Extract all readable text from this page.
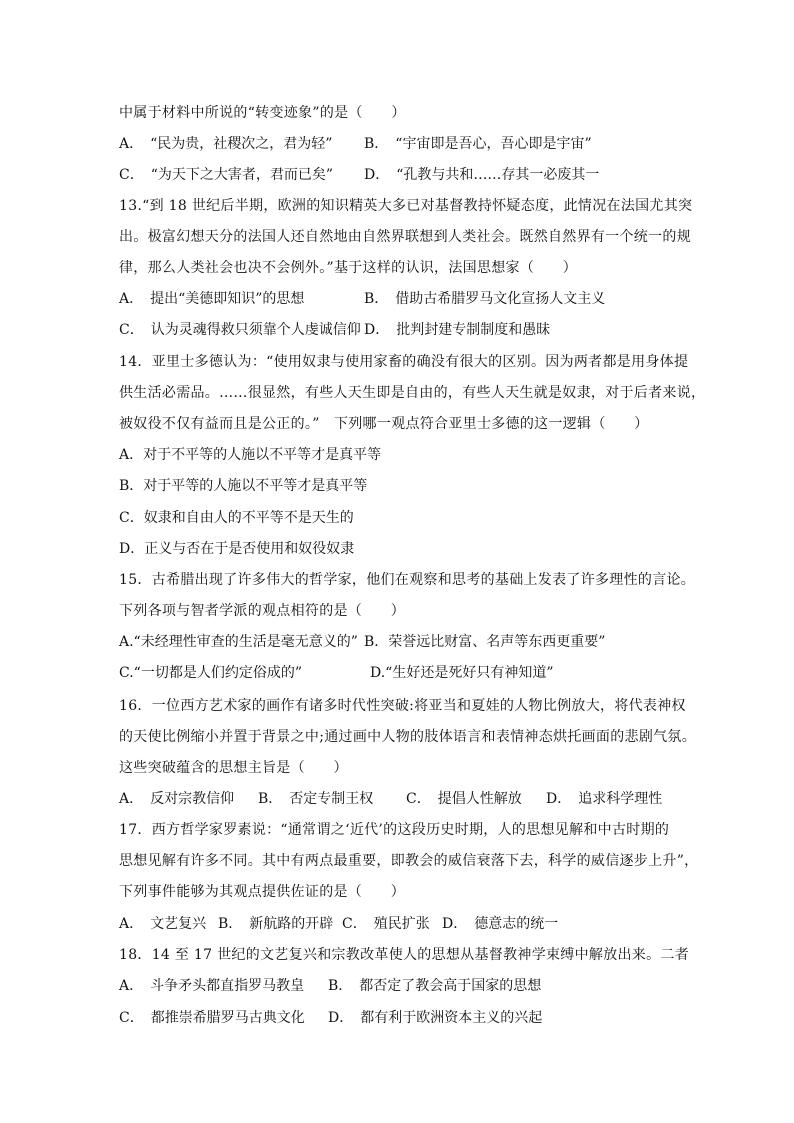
中属于材料中所说的“转变迹象”的是（　　）
A．　“民为贵，社稷次之，君为轻” B．　“宇宙即是吾心，吾心即是宇宙”
C．　“为天下之大害者，君而已矣” D．　“孔教与共和……存其一必废其一
13.“到 18 世纪后半期，欧洲的知识精英大多已对基督教持怀疑态度，此情况在法国尤其突
出。极富幻想天分的法国人还自然地由自然界联想到人类社会。既然自然界有一个统一的规
律，那么人类社会也决不会例外。”基于这样的认识，法国思想家（　　）
A．　提出“美德即知识”的思想	B．　借助古希腊罗马文化宣扬人文主义
C．　认为灵魂得救只须靠个人虔诚信仰 D．　批判封建专制制度和愚昧
14．亚里士多德认为：“使用奴隶与使用家畜的确没有很大的区别。因为两者都是用身体提
供生活必需品。……很显然，有些人天生即是自由的，有些人天生就是奴隶，对于后者来说，
被奴役不仅有益而且是公正的。”　下列哪一观点符合亚里士多德的这一逻辑（　　）
A．对于不平等的人施以不平等才是真平等
B．对于平等的人施以不平等才是真平等
C．奴隶和自由人的不平等不是天生的
D．正义与否在于是否使用和奴役奴隶
15．古希腊出现了许多伟大的哲学家，他们在观察和思考的基础上发表了许多理性的言论。
下列各项与智者学派的观点相符的是（　　）
A.“未经理性审查的生活是毫无意义的” B．荣誉远比财富、名声等东西更重要”
C.“一切都是人们约定俗成的”	D.“生好还是死好只有神知道”
16．一位西方艺术家的画作有诸多时代性突破:将亚当和夏娃的人物比例放大，将代表神权
的天使比例缩小并置于背景之中;通过画中人物的肢体语言和表情神态烘托画面的悲剧气氛。
这些突破蕴含的思想主旨是（　　）
A．　反对宗教信仰 B．　否定专制王权 C．　提倡人性解放 D．　追求科学理性
17．西方哲学家罗素说：“通常谓之‘近代’的这段历史时期，人的思想见解和中古时期的
思想见解有许多不同。其中有两点最重要，即教会的威信衰落下去，科学的威信逐步上升”，
下列事件能够为其观点提供佐证的是（　　）
A．　文艺复兴 B．　新航路的开辟 C．　殖民扩张 D．　德意志的统一
18．14 至 17 世纪的文艺复兴和宗教改革使人的思想从基督教神学束缚中解放出来。二者
A．　斗争矛头都直指罗马教皇 B．　都否定了教会高于国家的思想
C．　都推崇希腊罗马古典文化 D．　都有利于欧洲资本主义的兴起
